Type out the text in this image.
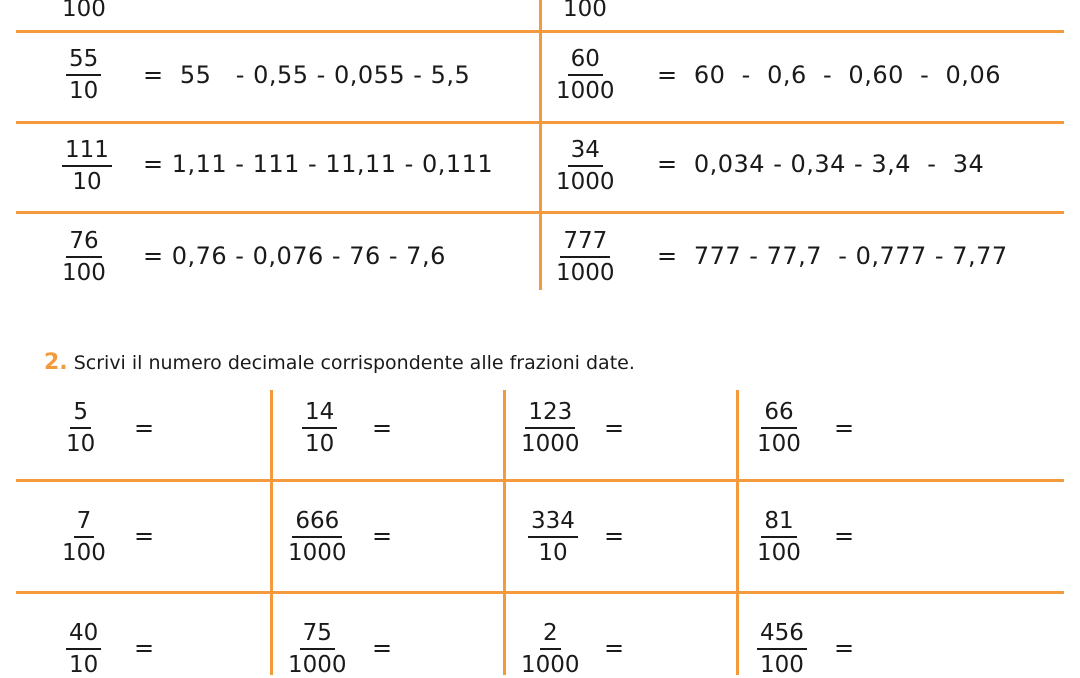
100	100
$\frac{55}{10} = 55 - 0,55 - 0,055 - 5,5$	$\frac{60}{1000} = 60 - 0,6 - 0,60 - 0,06$
$\frac{111}{10} = 1,11 - 111 - 11,11 - 0,111$	$\frac{34}{1000} = 0,034 - 0,34 - 3,4 - 34$
$\frac{76}{100} = 0,76 - 0,076 - 76 - 7,6$	$\frac{777}{1000} = 777 - 77,7 - 0,777 - 7,77$
2. Scrivi il numero decimale corrispondente alle frazioni date.
$\frac{5}{10}$ =	$\frac{14}{10}$ =	$\frac{123}{1000}$ =	$\frac{66}{100}$ =
$\frac{7}{100}$ =	$\frac{666}{1000}$ =	$\frac{334}{10}$ =	$\frac{81}{100}$ =
$\frac{40}{10}$ =	$\frac{75}{1000}$ =	$\frac{2}{1000}$ =	$\frac{456}{100}$ =
